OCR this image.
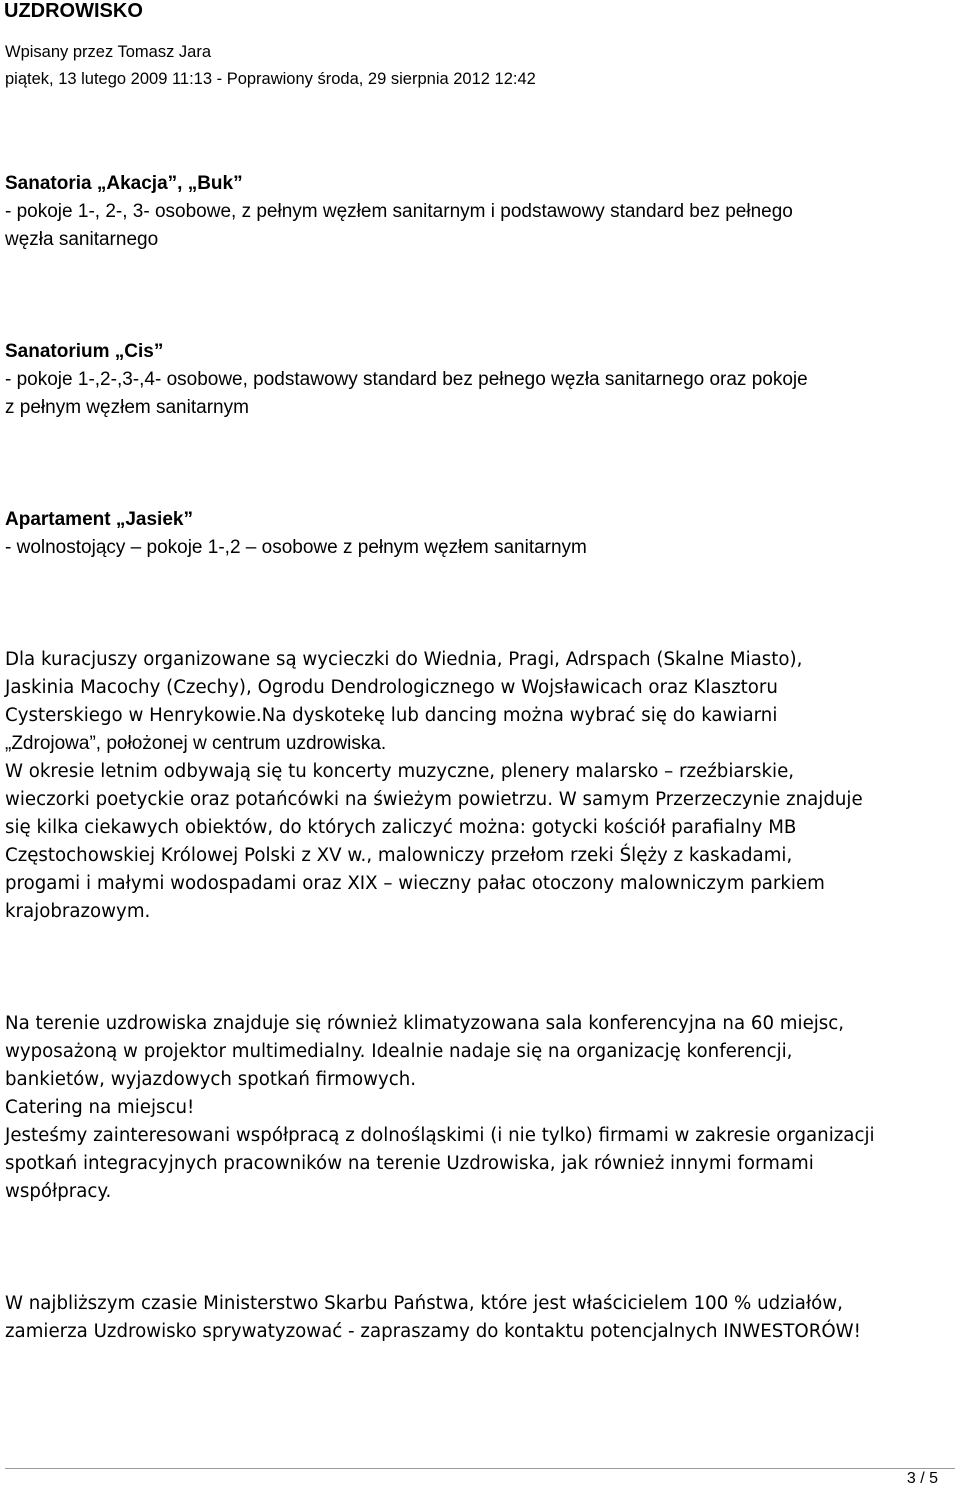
UZDROWISKO
Wpisany przez Tomasz Jara
piątek, 13 lutego 2009 11:13 - Poprawiony środa, 29 sierpnia 2012 12:42
Sanatoria „Akacja”, „Buk”
- pokoje 1-, 2-, 3- osobowe, z pełnym węzłem sanitarnym i podstawowy standard bez pełnego
węzła sanitarnego
Sanatorium „Cis”
- pokoje 1-,2-,3-,4- osobowe, podstawowy standard bez pełnego węzła sanitarnego oraz pokoje
z pełnym węzłem sanitarnym
Apartament „Jasiek”
- wolnostojący – pokoje 1-,2 – osobowe z pełnym węzłem sanitarnym
Dla kuracjuszy organizowane są wycieczki do Wiednia, Pragi, Adrspach (Skalne Miasto),
Jaskinia Macochy (Czechy), Ogrodu Dendrologicznego w Wojsławicach oraz Klasztoru
Cysterskiego w Henrykowie.Na dyskotekę lub dancing można wybrać się do kawiarni
„Zdrojowa”, położonej w centrum uzdrowiska.
W okresie letnim odbywają się tu koncerty muzyczne, plenery malarsko – rzeźbiarskie,
wieczorki poetyckie oraz potańcówki na świeżym powietrzu. W samym Przerzeczynie znajduje
się kilka ciekawych obiektów, do których zaliczyć można: gotycki kościół parafialny MB
Częstochowskiej Królowej Polski z XV w., malowniczy przełom rzeki Ślęży z kaskadami,
progami i małymi wodospadami oraz XIX – wieczny pałac otoczony malowniczym parkiem
krajobrazowym.
Na terenie uzdrowiska znajduje się również klimatyzowana sala konferencyjna na 60 miejsc,
wyposażoną w projektor multimedialny. Idealnie nadaje się na organizację konferencji,
bankietów, wyjazdowych spotkań firmowych.
Catering na miejscu!
Jesteśmy zainteresowani współpracą z dolnośląskimi (i nie tylko) firmami w zakresie organizacji
spotkań integracyjnych pracowników na terenie Uzdrowiska, jak również innymi formami
współpracy.
W najbliższym czasie Ministerstwo Skarbu Państwa, które jest właścicielem 100 % udziałów,
zamierza Uzdrowisko sprywatyzować - zapraszamy do kontaktu potencjalnych INWESTORÓW!
3 / 5
